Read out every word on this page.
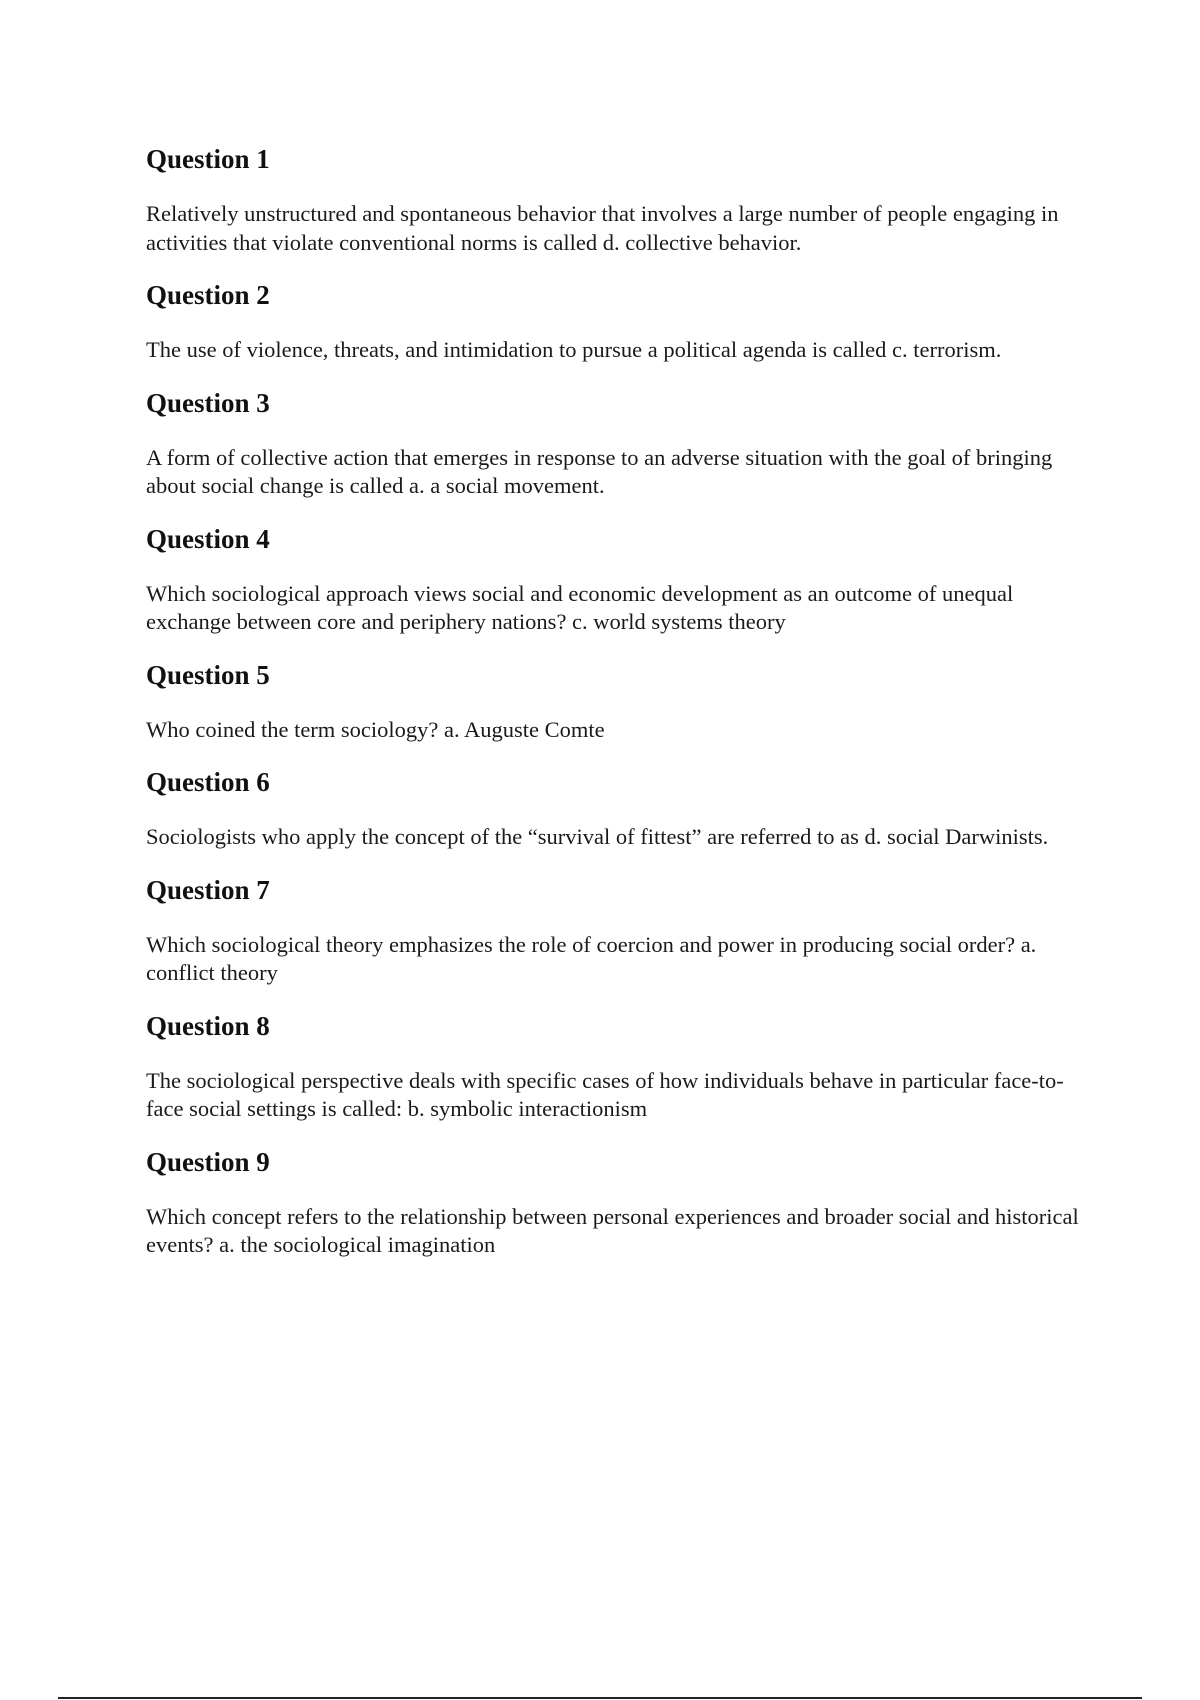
Question 1

Relatively unstructured and spontaneous behavior that involves a large number of people engaging in activities that violate conventional norms is called d. collective behavior.

Question 2

The use of violence, threats, and intimidation to pursue a political agenda is called c. terrorism.

Question 3

A form of collective action that emerges in response to an adverse situation with the goal of bringing about social change is called a. a social movement.

Question 4

Which sociological approach views social and economic development as an outcome of unequal exchange between core and periphery nations? c. world systems theory

Question 5

Who coined the term sociology? a. Auguste Comte

Question 6

Sociologists who apply the concept of the “survival of fittest” are referred to as d. social Darwinists.

Question 7

Which sociological theory emphasizes the role of coercion and power in producing social order? a. conflict theory

Question 8

The sociological perspective deals with specific cases of how individuals behave in particular face-to-face social settings is called: b. symbolic interactionism

Question 9

Which concept refers to the relationship between personal experiences and broader social and historical events? a. the sociological imagination
